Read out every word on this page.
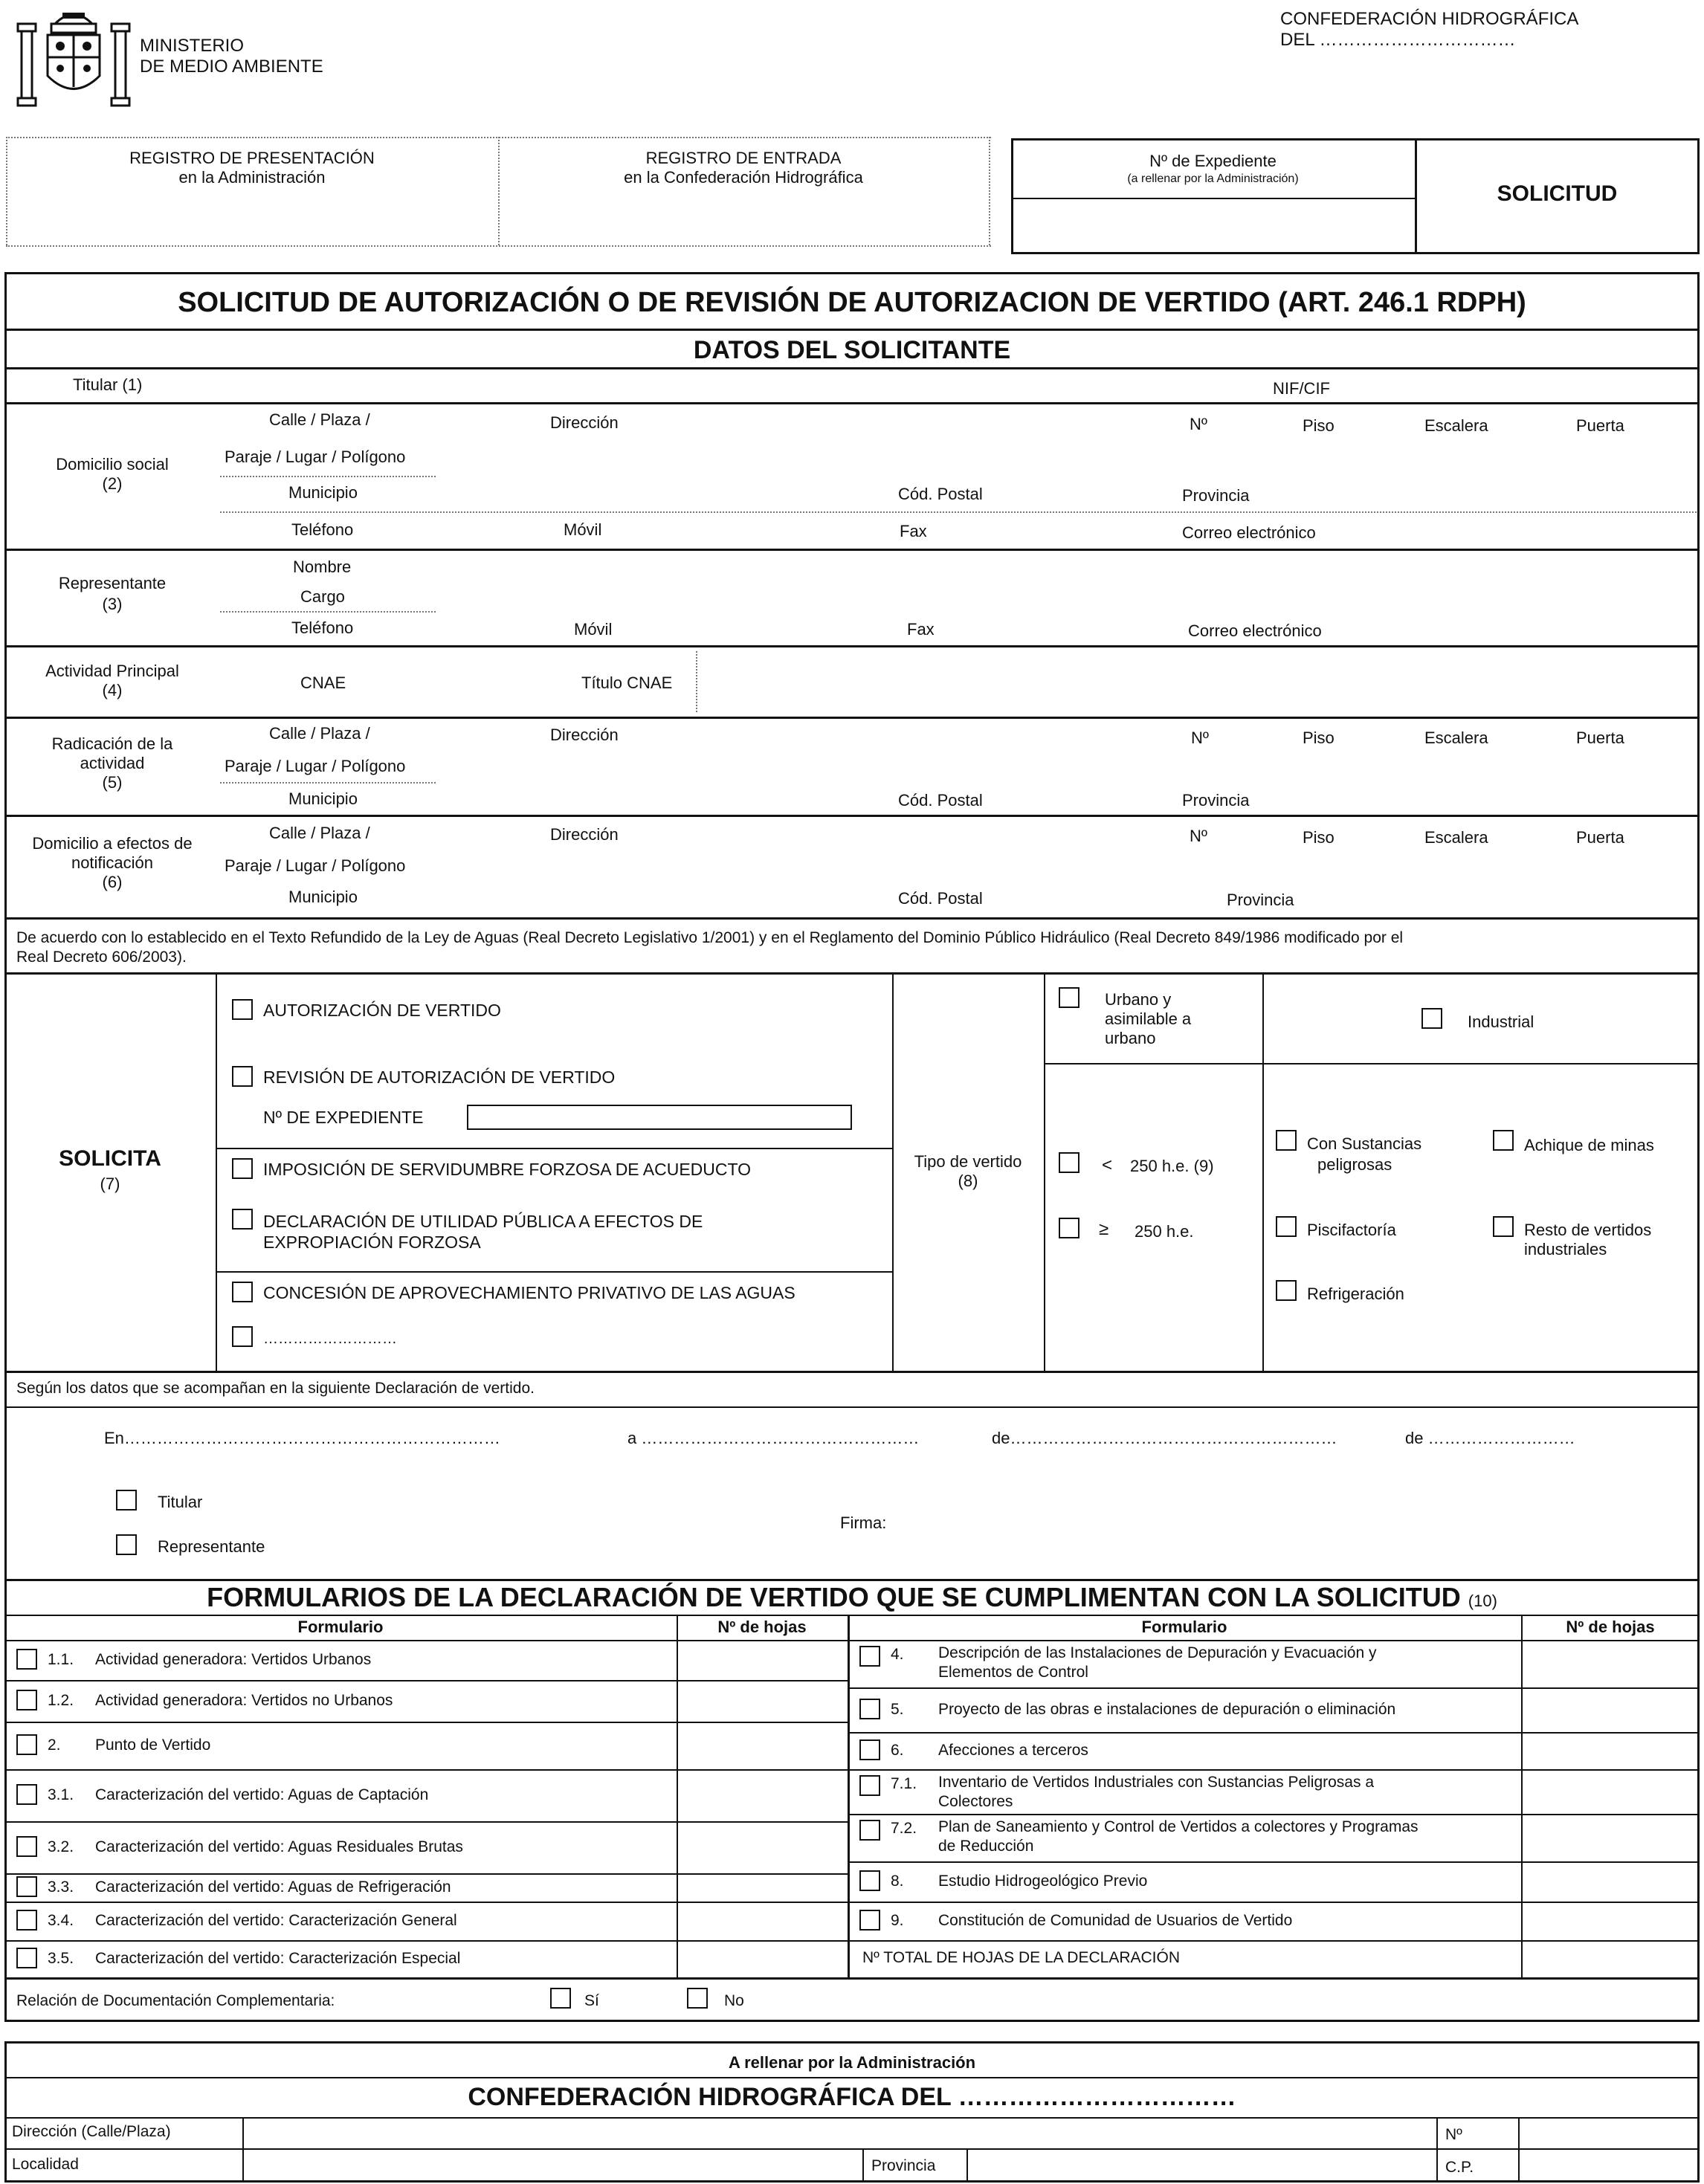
MINISTERIO
DE MEDIO AMBIENTE
CONFEDERACIÓN HIDROGRÁFICA
DEL ……………………………
REGISTRO DE PRESENTACIÓN
en la Administración
REGISTRO DE ENTRADA
en la Confederación Hidrográfica
Nº de Expediente
(a rellenar por la Administración)
SOLICITUD
SOLICITUD DE AUTORIZACIÓN O DE REVISIÓN DE AUTORIZACION DE VERTIDO (ART. 246.1 RDPH)
DATOS DEL SOLICITANTE
Titular (1)	NIF/CIF
Domicilio social
(2)
Calle / Plaza /	Dirección	Nº	Piso	Escalera	Puerta
Paraje / Lugar / Polígono
Municipio	Cód. Postal	Provincia
Teléfono	Móvil	Fax	Correo electrónico
Representante
(3)
Nombre
Cargo
Teléfono	Móvil	Fax	Correo electrónico
Actividad Principal
(4)	CNAE	Título CNAE
Radicación de la
actividad
(5)
Calle / Plaza /	Dirección	Nº	Piso	Escalera	Puerta
Paraje / Lugar / Polígono
Municipio	Cód. Postal	Provincia
Domicilio a efectos de
notificación
(6)
Calle / Plaza /	Dirección	Nº	Piso	Escalera	Puerta
Paraje / Lugar / Polígono
Municipio	Cód. Postal	Provincia
De acuerdo con lo establecido en el Texto Refundido de la Ley de Aguas (Real Decreto Legislativo 1/2001) y en el Reglamento del Dominio Público Hidráulico (Real Decreto 849/1986 modificado por el
Real Decreto 606/2003).
SOLICITA
(7)
AUTORIZACIÓN DE VERTIDO
REVISIÓN DE AUTORIZACIÓN DE VERTIDO
Nº DE EXPEDIENTE
IMPOSICIÓN DE SERVIDUMBRE FORZOSA DE ACUEDUCTO
DECLARACIÓN DE UTILIDAD PÚBLICA A EFECTOS DE
EXPROPIACIÓN FORZOSA
CONCESIÓN DE APROVECHAMIENTO PRIVATIVO DE LAS AGUAS
………………………
Tipo de vertido
(8)
Urbano y
asimilable a
urbano
Industrial
< 250 h.e. (9)
≥ 250 h.e.
Con Sustancias
peligrosas
Achique de minas
Piscifactoría	Resto de vertidos
industriales
Refrigeración
Según los datos que se acompañan en la siguiente Declaración de vertido.
En……………………………………………………………	a ……………………………………………	de……………………………………………………	de ………………………
Titular
Representante
Firma:
FORMULARIOS DE LA DECLARACIÓN DE VERTIDO QUE SE CUMPLIMENTAN CON LA SOLICITUD (10)
Formulario	Nº de hojas	Formulario	Nº de hojas
1.1. Actividad generadora: Vertidos Urbanos
1.2. Actividad generadora: Vertidos no Urbanos
2. Punto de Vertido
3.1. Caracterización del vertido: Aguas de Captación
3.2. Caracterización del vertido: Aguas Residuales Brutas
3.3. Caracterización del vertido: Aguas de Refrigeración
3.4. Caracterización del vertido: Caracterización General
3.5. Caracterización del vertido: Caracterización Especial
4. Descripción de las Instalaciones de Depuración y Evacuación y
Elementos de Control
5. Proyecto de las obras e instalaciones de depuración o eliminación
6. Afecciones a terceros
7.1. Inventario de Vertidos Industriales con Sustancias Peligrosas a
Colectores
7.2. Plan de Saneamiento y Control de Vertidos a colectores y Programas
de Reducción
8. Estudio Hidrogeológico Previo
9. Constitución de Comunidad de Usuarios de Vertido
Nº TOTAL DE HOJAS DE LA DECLARACIÓN
Relación de Documentación Complementaria:	Sí	No
A rellenar por la Administración
CONFEDERACIÓN HIDROGRÁFICA DEL ……………………………
Dirección (Calle/Plaza)	Nº
Localidad	Provincia	C.P.
